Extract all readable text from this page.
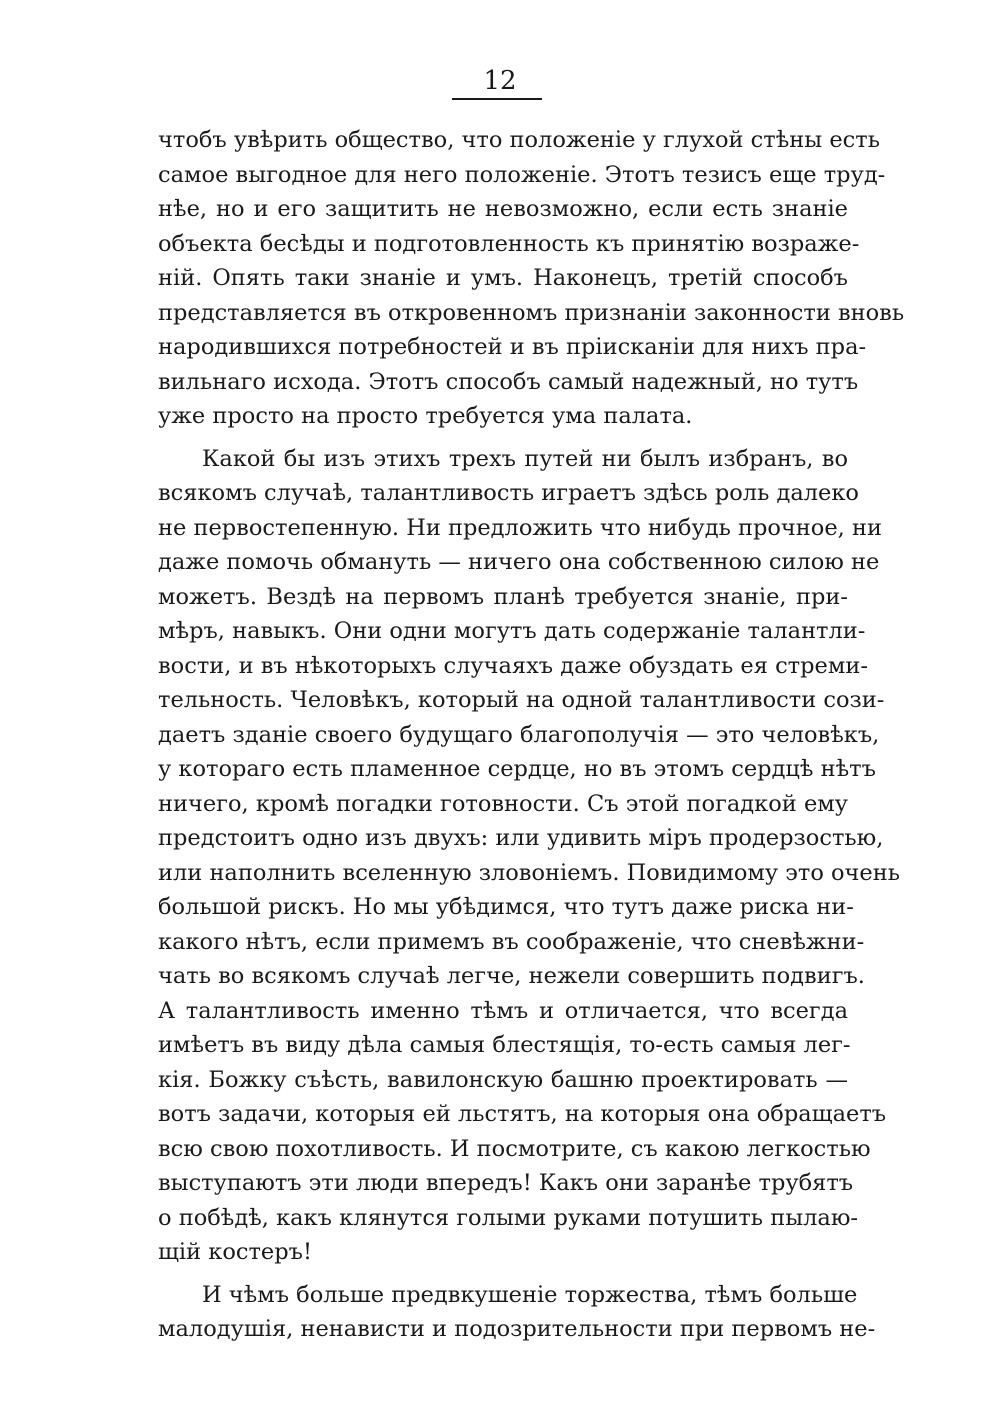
12
чтобъ увѣрить общество, что положеніе у глухой стѣны есть
самое выгодное для него положеніе. Этотъ тезисъ еще труд-
нѣе, но и его защитить не невозможно, если есть знаніе
объекта бесѣды и подготовленность къ принятію возраже-
ній. Опять таки знаніе и умъ. Наконецъ, третій способъ
представляется въ откровенномъ признаніи законности вновь
народившихся потребностей и въ прiисканіи для нихъ пра-
вильнаго исхода. Этотъ способъ самый надежный, но тутъ
уже просто на просто требуется ума палата.
Какой бы изъ этихъ трехъ путей ни былъ избранъ, во
всякомъ случаѣ, талантливость играетъ здѣсь роль далеко
не первостепенную. Ни предложить что нибудь прочное, ни
даже помочь обмануть — ничего она собственною силою не
можетъ. Вездѣ на первомъ планѣ требуется знаніе, при-
мѣръ, навыкъ. Они одни могутъ дать содержаніе талантли-
вости, и въ нѣкоторыхъ случаяхъ даже обуздать ея стреми-
тельность. Человѣкъ, который на одной талантливости сози-
даетъ зданіе своего будущаго благополучія — это человѣкъ,
у котораго есть пламенное сердце, но въ этомъ сердцѣ нѣтъ
ничего, кромѣ погадки готовности. Съ этой погадкой ему
предстоитъ одно изъ двухъ: или удивить міръ продерзостью,
или наполнить вселенную зловоніемъ. Повидимому это очень
большой рискъ. Но мы убѣдимся, что тутъ даже риска ни-
какого нѣтъ, если примемъ въ соображеніе, что сневѣжни-
чать во всякомъ случаѣ легче, нежели совершить подвигъ.
А талантливость именно тѣмъ и отличается, что всегда
имѣетъ въ виду дѣла самыя блестящія, то-есть самыя лег-
кія. Божку съѣсть, вавилонскую башню проектировать —
вотъ задачи, которыя ей льстятъ, на которыя она обращаетъ
всю свою похотливость. И посмотрите, съ какою легкостью
выступаютъ эти люди впередъ! Какъ они заранѣе трубятъ
о побѣдѣ, какъ клянутся голыми руками потушить пылаю-
щій костеръ!
И чѣмъ больше предвкушеніе торжества, тѣмъ больше
малодушія, ненависти и подозрительности при первомъ не-
